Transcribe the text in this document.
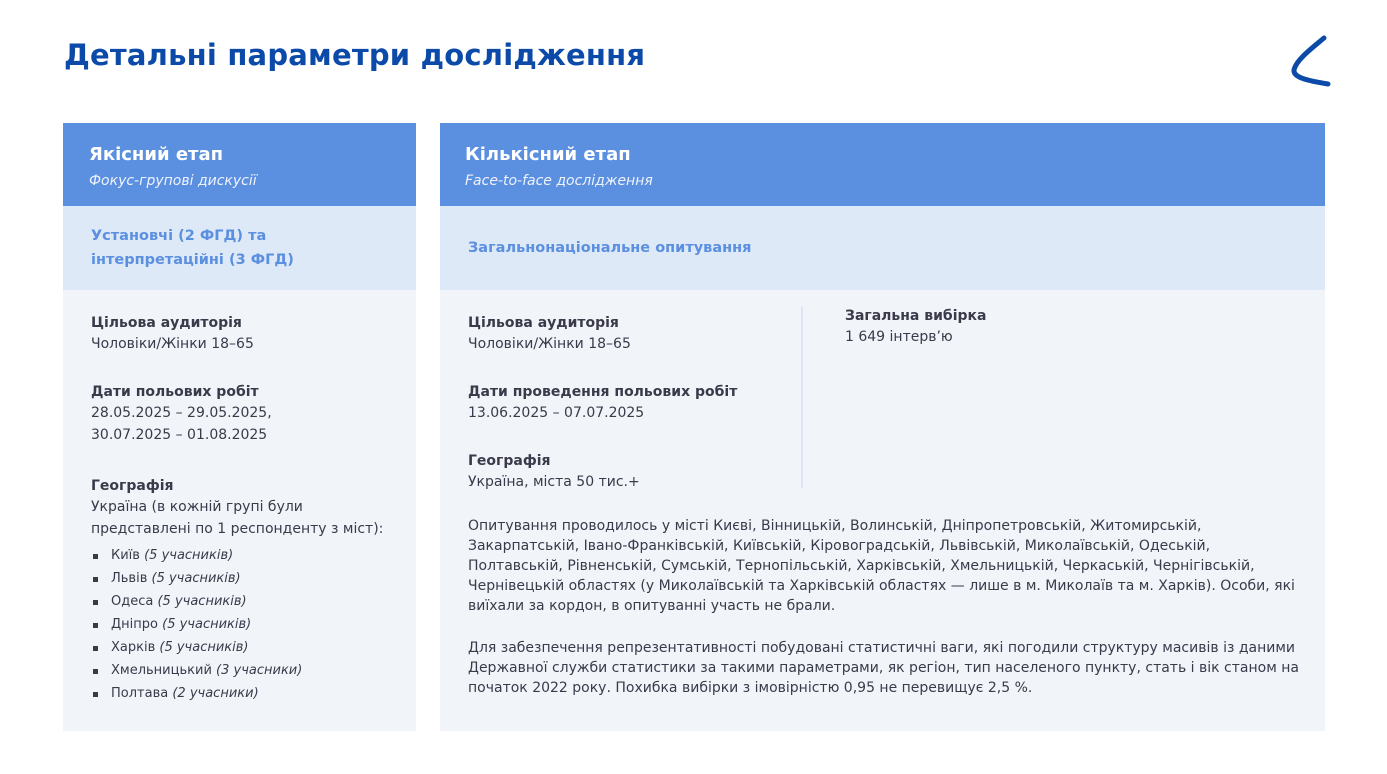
Детальні параметри дослідження
Якісний етап
Фокус-групові дискусії
Установчі (2 ФГД) та інтерпретаційні (3 ФГД)
Цільова аудиторія
Чоловіки/Жінки 18–65
Дати польових робіт
28.05.2025 – 29.05.2025,
30.07.2025 – 01.08.2025
Географія
Україна (в кожній групі були представлені по 1 респонденту з міст):
Київ (5 учасників)
Львів (5 учасників)
Одеса (5 учасників)
Дніпро (5 учасників)
Харків (5 учасників)
Хмельницький (3 учасники)
Полтава (2 учасники)
Кількісний етап
Face-to-face дослідження
Загальнонаціональне опитування
Цільова аудиторія
Чоловіки/Жінки 18–65
Дати проведення польових робіт
13.06.2025 – 07.07.2025
Географія
Україна, міста 50 тис.+
Загальна вибірка
1 649 інтерв’ю
Опитування проводилось у місті Києві, Вінницькій, Волинській, Дніпропетровській, Житомирській, Закарпатській, Івано-Франківській, Київській, Кіровоградській, Львівській, Миколаївській, Одеській, Полтавській, Рівненській, Сумській, Тернопільській, Харківській, Хмельницькій, Черкаській, Чернігівській, Чернівецькій областях (у Миколаївській та Харківській областях — лише в м. Миколаїв та м. Харків). Особи, які виїхали за кордон, в опитуванні участь не брали.
Для забезпечення репрезентативності побудовані статистичні ваги, які погодили структуру масивів із даними Державної служби статистики за такими параметрами, як регіон, тип населеного пункту, стать і вік станом на початок 2022 року. Похибка вибірки з імовірністю 0,95 не перевищує 2,5 %.
